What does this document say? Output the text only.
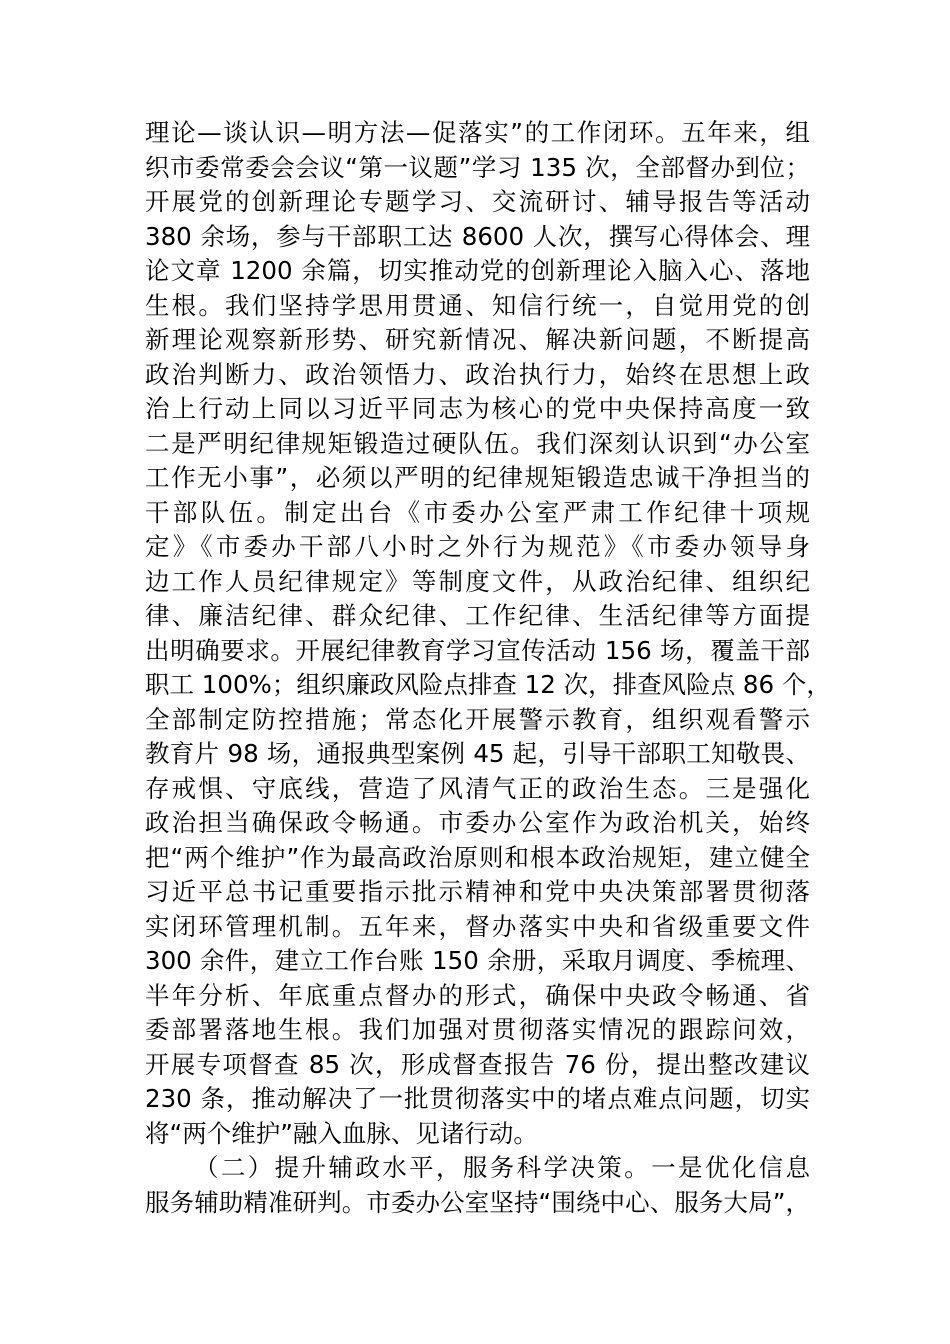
理论—谈认识—明方法—促落实”的工作闭环。五年来，组
织市委常委会会议“第一议题”学习 135 次，全部督办到位；
开展党的创新理论专题学习、交流研讨、辅导报告等活动
380 余场，参与干部职工达 8600 人次，撰写心得体会、理
论文章 1200 余篇，切实推动党的创新理论入脑入心、落地
生根。我们坚持学思用贯通、知信行统一，自觉用党的创
新理论观察新形势、研究新情况、解决新问题，不断提高
政治判断力、政治领悟力、政治执行力，始终在思想上政
治上行动上同以习近平同志为核心的党中央保持高度一致
二是严明纪律规矩锻造过硬队伍。我们深刻认识到“办公室
工作无小事”，必须以严明的纪律规矩锻造忠诚干净担当的
干部队伍。制定出台《市委办公室严肃工作纪律十项规
定》《市委办干部八小时之外行为规范》《市委办领导身
边工作人员纪律规定》等制度文件，从政治纪律、组织纪
律、廉洁纪律、群众纪律、工作纪律、生活纪律等方面提
出明确要求。开展纪律教育学习宣传活动 156 场，覆盖干部
职工 100%；组织廉政风险点排查 12 次，排查风险点 86 个，
全部制定防控措施；常态化开展警示教育，组织观看警示
教育片 98 场，通报典型案例 45 起，引导干部职工知敬畏、
存戒惧、守底线，营造了风清气正的政治生态。三是强化
政治担当确保政令畅通。市委办公室作为政治机关，始终
把“两个维护”作为最高政治原则和根本政治规矩，建立健全
习近平总书记重要指示批示精神和党中央决策部署贯彻落
实闭环管理机制。五年来，督办落实中央和省级重要文件
300 余件，建立工作台账 150 余册，采取月调度、季梳理、
半年分析、年底重点督办的形式，确保中央政令畅通、省
委部署落地生根。我们加强对贯彻落实情况的跟踪问效，
开展专项督查 85 次，形成督查报告 76 份，提出整改建议
230 条，推动解决了一批贯彻落实中的堵点难点问题，切实
将“两个维护”融入血脉、见诸行动。
（二）提升辅政水平，服务科学决策。一是优化信息
服务辅助精准研判。市委办公室坚持“围绕中心、服务大局”，
